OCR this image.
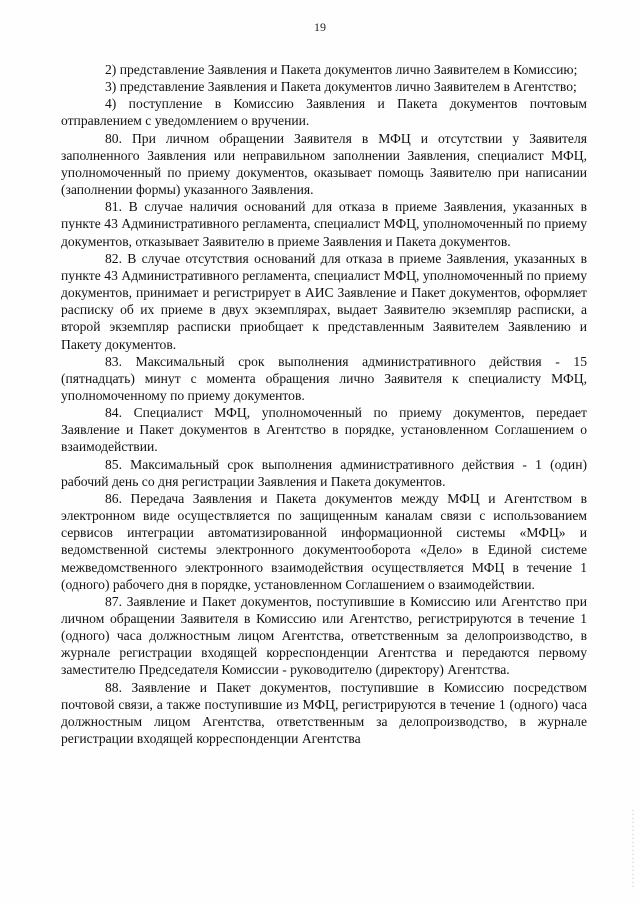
19

2) представление Заявления и Пакета документов лично Заявителем в Комиссию;

3) представление Заявления и Пакета документов лично Заявителем в Агентство;

4) поступление в Комиссию Заявления и Пакета документов почтовым отправлением с уведомлением о вручении.

80. При личном обращении Заявителя в МФЦ и отсутствии у Заявителя заполненного Заявления или неправильном заполнении Заявления, специалист МФЦ, уполномоченный по приему документов, оказывает помощь Заявителю при написании (заполнении формы) указанного Заявления.

81. В случае наличия оснований для отказа в приеме Заявления, указанных в пункте 43 Административного регламента, специалист МФЦ, уполномоченный по приему документов, отказывает Заявителю в приеме Заявления и Пакета документов.

82. В случае отсутствия оснований для отказа в приеме Заявления, указанных в пункте 43 Административного регламента, специалист МФЦ, уполномоченный по приему документов, принимает и регистрирует в АИС Заявление и Пакет документов, оформляет расписку об их приеме в двух экземплярах, выдает Заявителю экземпляр расписки, а второй экземпляр расписки приобщает к представленным Заявителем Заявлению и Пакету документов.

83. Максимальный срок выполнения административного действия - 15 (пятнадцать) минут с момента обращения лично Заявителя к специалисту МФЦ, уполномоченному по приему документов.

84. Специалист МФЦ, уполномоченный по приему документов, передает Заявление и Пакет документов в Агентство в порядке, установленном Соглашением о взаимодействии.

85. Максимальный срок выполнения административного действия - 1 (один) рабочий день со дня регистрации Заявления и Пакета документов.

86. Передача Заявления и Пакета документов между МФЦ и Агентством в электронном виде осуществляется по защищенным каналам связи с использованием сервисов интеграции автоматизированной информационной системы «МФЦ» и ведомственной системы электронного документооборота «Дело» в Единой системе межведомственного электронного взаимодействия осуществляется МФЦ в течение 1 (одного) рабочего дня в порядке, установленном Соглашением о взаимодействии.

87. Заявление и Пакет документов, поступившие в Комиссию или Агентство при личном обращении Заявителя в Комиссию или Агентство, регистрируются в течение 1 (одного) часа должностным лицом Агентства, ответственным за делопроизводство, в журнале регистрации входящей корреспонденции Агентства и передаются первому заместителю Председателя Комиссии - руководителю (директору) Агентства.

88. Заявление и Пакет документов, поступившие в Комиссию посредством почтовой связи, а также поступившие из МФЦ, регистрируются в течение 1 (одного) часа должностным лицом Агентства, ответственным за делопроизводство, в журнале регистрации входящей корреспонденции Агентства
